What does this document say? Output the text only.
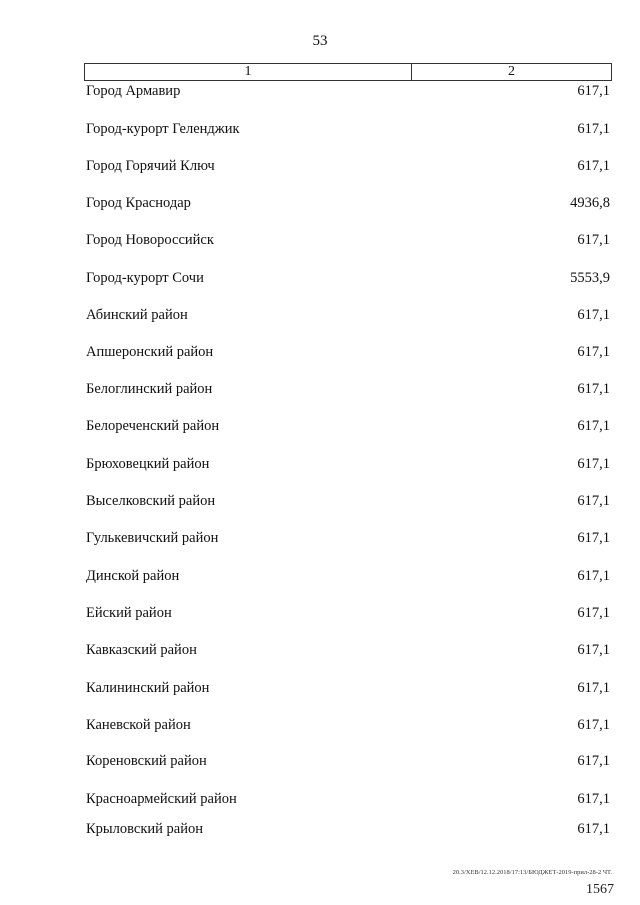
53
1	2
Город Армавир	617,1
Город-курорт Геленджик	617,1
Город Горячий Ключ	617,1
Город Краснодар	4936,8
Город Новороссийск	617,1
Город-курорт Сочи	5553,9
Абинский район	617,1
Апшеронский район	617,1
Белоглинский район	617,1
Белореченский район	617,1
Брюховецкий район	617,1
Выселковский район	617,1
Гулькевичский район	617,1
Динской район	617,1
Ейский район	617,1
Кавказский район	617,1
Калининский район	617,1
Каневской район	617,1
Кореновский район	617,1
Красноармейский район	617,1
Крыловский район	617,1
20.3/ХЕВ/12.12.2018/17:13/БЮДЖЕТ-2019-прил-28-2 ЧТ.
1567
